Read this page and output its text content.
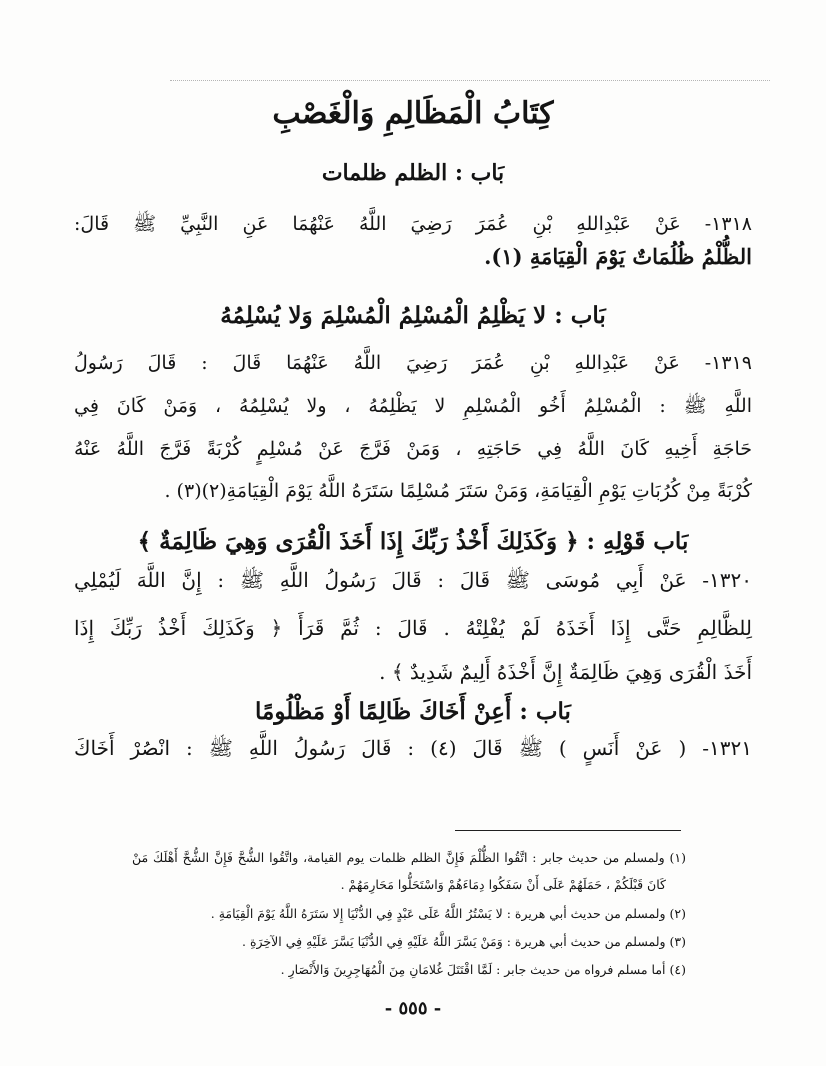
كِتَابُ الْمَظَالِمِ وَالْغَصْبِ
بَاب : الظلم ظلمات
١٣١٨- عَنْ عَبْدِاللهِ بْنِ عُمَرَ رَضِيَ اللَّهُ عَنْهُمَا عَنِ النَّبِيِّ ﷺ قَالَ:
الظُّلْمُ ظُلُمَاتٌ يَوْمَ الْقِيَامَةِ (١).
بَاب : لا يَظْلِمُ الْمُسْلِمُ الْمُسْلِمَ وَلا يُسْلِمُهُ
١٣١٩- عَنْ عَبْدِاللهِ بْنِ عُمَرَ رَضِيَ اللَّهُ عَنْهُمَا قَالَ : قَالَ رَسُولُ
اللَّهِ ﷺ : الْمُسْلِمُ أَخُو الْمُسْلِمِ لا يَظْلِمُهُ ، ولا يُسْلِمُهُ ، وَمَنْ كَانَ فِي
حَاجَةِ أَخِيهِ كَانَ اللَّهُ فِي حَاجَتِهِ ، وَمَنْ فَرَّجَ عَنْ مُسْلِمٍ كُرْبَةً فَرَّجَ اللَّهُ عَنْهُ
كُرْبَةً مِنْ كُرُبَاتِ يَوْمِ الْقِيَامَةِ، وَمَنْ سَتَرَ مُسْلِمًا سَتَرَهُ اللَّهُ يَوْمَ الْقِيَامَةِ(٢)(٣) .
بَاب قَوْلِهِ : ﴿ وَكَذَلِكَ أَخْذُ رَبِّكَ إِذَا أَخَذَ الْقُرَى وَهِيَ ظَالِمَةٌ ﴾
١٣٢٠- عَنْ أَبِي مُوسَى ﷺ قَالَ : قَالَ رَسُولُ اللَّهِ ﷺ : إِنَّ اللَّهَ لَيُمْلِي
لِلظَّالِمِ حَتَّى إِذَا أَخَذَهُ لَمْ يُفْلِتْهُ . قَالَ : ثُمَّ قَرَأَ ﴿ وَكَذَلِكَ أَخْذُ رَبِّكَ إِذَا
أَخَذَ الْقُرَى وَهِيَ ظَالِمَةٌ إِنَّ أَخْذَهُ أَلِيمٌ شَدِيدٌ ﴾ .
بَاب : أَعِنْ أَخَاكَ ظَالِمًا أَوْ مَظْلُومًا
١٣٢١- ( عَنْ أَنَسٍ ) ﷺ قَالَ (٤) : قَالَ رَسُولُ اللَّهِ ﷺ : انْصُرْ أَخَاكَ
(١) ولمسلم من حديث جابر : اتَّقُوا الظُّلْمَ فَإِنَّ الظلم ظلمات يوم القيامة، واتَّقُوا الشُّحَّ فَإِنَّ الشُّحَّ أَهْلَكَ مَنْ
كَانَ قَبْلَكُمْ ، حَمَلَهُمْ عَلَى أَنْ سَفَكُوا دِمَاءَهُمْ وَاسْتَحَلُّوا مَحَارِمَهُمْ .
(٢) ولمسلم من حديث أبي هريرة : لا يَسْتُرُ اللَّهُ عَلَى عَبْدٍ فِي الدُّنْيَا إِلا سَتَرَهُ اللَّهُ يَوْمَ الْقِيَامَةِ .
(٣) ولمسلم من حديث أبي هريرة : وَمَنْ يَسَّرَ اللَّهُ عَلَيْهِ فِي الدُّنْيَا يَسَّرَ عَلَيْهِ فِي الآخِرَةِ .
(٤) أما مسلم فرواه من حديث جابر : لَمَّا اقْتَتَلَ غُلامَانِ مِنَ الْمُهَاجِرِينَ وَالأَنْصَارِ .
- ٥٥٥ -
